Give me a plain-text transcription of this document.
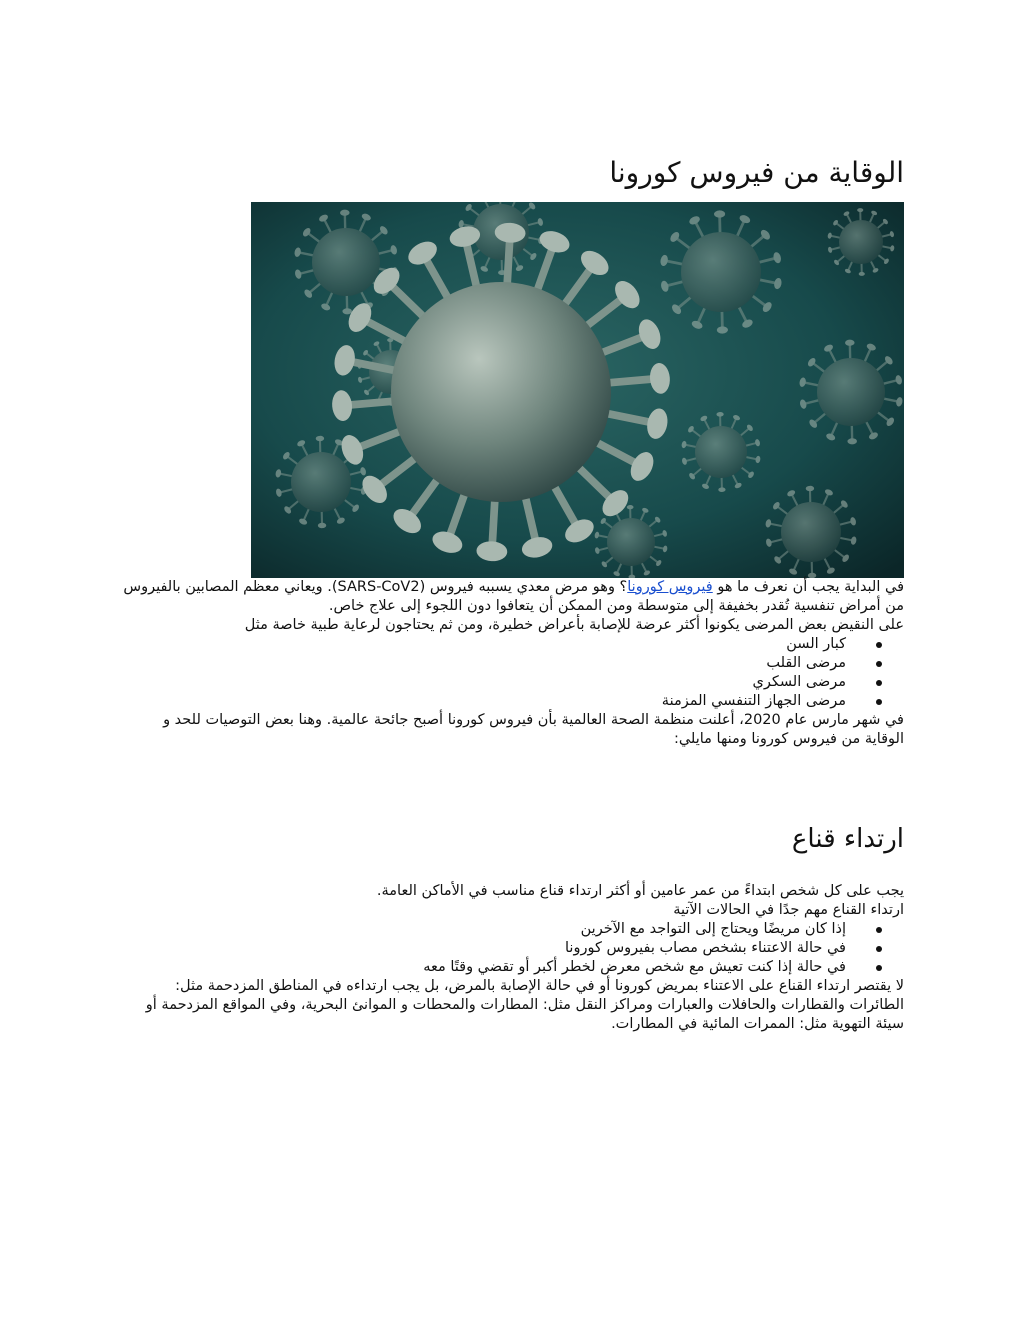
الوقاية من فيروس كورونا

في البداية يجب أن نعرف ما هو فيروس كورونا؟ وهو مرض معدي يسببه فيروس (SARS-CoV2). ويعاني معظم المصابين بالفيروس من أمراض تنفسية تُقدر بخفيفة إلى متوسطة ومن الممكن أن يتعافوا دون اللجوء إلى علاج خاص.

على النقيض بعض المرضى يكونوا أكثر عرضة للإصابة بأعراض خطيرة، ومن ثم يحتاجون لرعاية طبية خاصة مثل

كبار السن
مرضى القلب
مرضى السكري
مرضى الجهاز التنفسي المزمنة

في شهر مارس عام 2020، أعلنت منظمة الصحة العالمية بأن فيروس كورونا أصبح جائحة عالمية. وهنا بعض التوصيات للحد و الوقاية من فيروس كورونا ومنها مايلي:

ارتداء قناع

يجب على كل شخص ابتداءً من عمر عامين أو أكثر ارتداء قناع مناسب في الأماكن العامة.

ارتداء القناع مهم جدًا في الحالات الآتية

إذا كان مريضًا ويحتاج إلى التواجد مع الآخرين
في حالة الاعتناء بشخص مصاب بفيروس كورونا
في حالة إذا كنت تعيش مع شخص معرض لخطر أكبر أو تقضي وقتًا معه

لا يقتصر ارتداء القناع على الاعتناء بمريض كورونا أو في حالة الإصابة بالمرض، بل يجب ارتداءه في المناطق المزدحمة مثل: الطائرات والقطارات والحافلات والعبارات ومراكز النقل مثل: المطارات والمحطات و الموانئ البحرية، وفي المواقع المزدحمة أو سيئة التهوية مثل: الممرات المائية في المطارات.
